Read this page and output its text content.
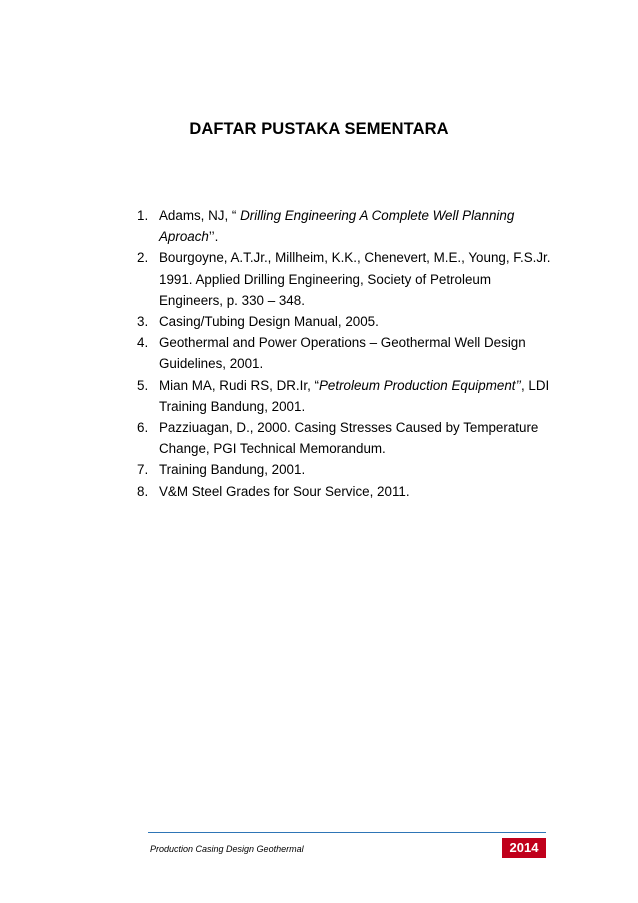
DAFTAR PUSTAKA SEMENTARA
1. Adams, NJ, “ Drilling Engineering A Complete Well Planning Aproach’’.
2. Bourgoyne, A.T.Jr., Millheim, K.K., Chenevert, M.E., Young, F.S.Jr. 1991. Applied Drilling Engineering, Society of Petroleum Engineers, p. 330 – 348.
3. Casing/Tubing Design Manual, 2005.
4. Geothermal and Power Operations – Geothermal Well Design Guidelines, 2001.
5. Mian MA, Rudi RS, DR.Ir, “Petroleum Production Equipment’’, LDI Training Bandung, 2001.
6. Pazziuagan, D., 2000. Casing Stresses Caused by Temperature Change, PGI Technical Memorandum.
7. Training Bandung, 2001.
8. V&M Steel Grades for Sour Service, 2011.
Production Casing Design Geothermal	2014
